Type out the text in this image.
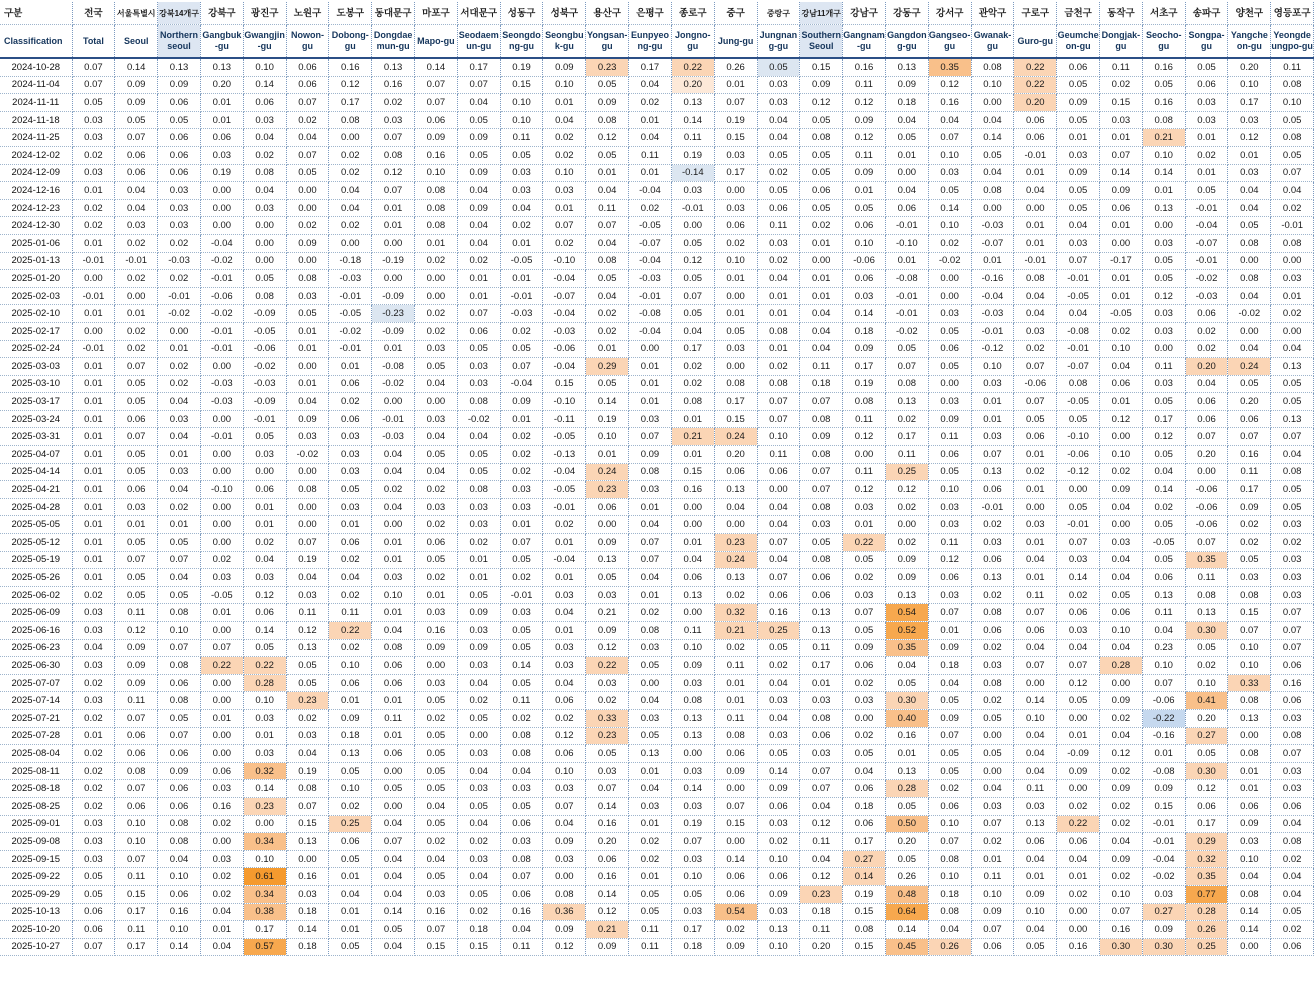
구분	전국	서울특별시	강북14개구	강북구	광진구	노원구	도봉구	동대문구	마포구	서대문구	성동구	성북구	용산구	은평구	종로구	중구	중랑구	강남11개구	강남구	강동구	강서구	관악구	구로구	금천구	동작구	서초구	송파구	양천구	영등포구
Classification	Total	Seoul	Northern seoul	Gangbuk-gu	Gwangjin-gu	Nowon-gu	Dobong-gu	Dongdaemun-gu	Mapo-gu	Seodaemun-gu	Seongdong-gu	Seongbuk-gu	Yongsan-gu	Eunpyeong-gu	Jongno-gu	Jung-gu	Jungnang-gu	Southern Seoul	Gangnam-gu	Gangdong-gu	Gangseo-gu	Gwanak-gu	Guro-gu	Geumcheon-gu	Dongjak-gu	Seocho-gu	Songpa-gu	Yangcheon-gu	Yeongdeungpo-gu
2024-10-28	0.07	0.14	0.13	0.13	0.10	0.06	0.16	0.13	0.14	0.17	0.19	0.09	0.23	0.17	0.22	0.26	0.05	0.15	0.16	0.13	0.35	0.08	0.22	0.06	0.11	0.16	0.05	0.20	0.11
2024-11-04	0.07	0.09	0.09	0.20	0.14	0.06	0.12	0.16	0.07	0.07	0.15	0.10	0.05	0.04	0.20	0.01	0.03	0.09	0.11	0.09	0.12	0.10	0.22	0.05	0.02	0.05	0.06	0.10	0.08
2024-11-11	0.05	0.09	0.06	0.01	0.06	0.07	0.17	0.02	0.07	0.04	0.10	0.01	0.09	0.02	0.13	0.07	0.03	0.12	0.12	0.18	0.16	0.00	0.20	0.09	0.15	0.16	0.03	0.17	0.10
2024-11-18	0.03	0.05	0.05	0.01	0.03	0.02	0.08	0.03	0.06	0.05	0.10	0.04	0.08	0.01	0.14	0.19	0.04	0.05	0.09	0.04	0.04	0.04	0.06	0.05	0.03	0.08	0.03	0.03	0.05
2024-11-25	0.03	0.07	0.06	0.06	0.04	0.04	0.00	0.07	0.09	0.09	0.11	0.02	0.12	0.04	0.11	0.15	0.04	0.08	0.12	0.05	0.07	0.14	0.06	0.01	0.01	0.21	0.01	0.12	0.08
2024-12-02	0.02	0.06	0.06	0.03	0.02	0.07	0.02	0.08	0.16	0.05	0.05	0.02	0.05	0.11	0.19	0.03	0.05	0.05	0.11	0.01	0.10	0.05	-0.01	0.03	0.07	0.10	0.02	0.01	0.05
2024-12-09	0.03	0.06	0.06	0.19	0.08	0.05	0.02	0.12	0.10	0.09	0.03	0.10	0.01	0.01	-0.14	0.17	0.02	0.05	0.09	0.00	0.03	0.04	0.01	0.09	0.14	0.14	0.01	0.03	0.07
2024-12-16	0.01	0.04	0.03	0.00	0.04	0.00	0.04	0.07	0.08	0.04	0.03	0.03	0.04	-0.04	0.03	0.00	0.05	0.06	0.01	0.04	0.05	0.08	0.04	0.05	0.09	0.01	0.05	0.04	0.04
2024-12-23	0.02	0.04	0.03	0.00	0.03	0.00	0.04	0.01	0.08	0.09	0.04	0.01	0.11	0.02	-0.01	0.03	0.06	0.05	0.05	0.06	0.14	0.00	0.00	0.05	0.06	0.13	-0.01	0.04	0.02
2024-12-30	0.02	0.03	0.03	0.00	0.00	0.02	0.02	0.01	0.08	0.04	0.02	0.07	0.07	-0.05	0.00	0.06	0.11	0.02	0.06	-0.01	0.10	-0.03	0.01	0.04	0.01	0.00	-0.04	0.05	-0.01
2025-01-06	0.01	0.02	0.02	-0.04	0.00	0.09	0.00	0.00	0.01	0.04	0.01	0.02	0.04	-0.07	0.05	0.02	0.03	0.01	0.10	-0.10	0.02	-0.07	0.01	0.03	0.00	0.03	-0.07	0.08	0.08
2025-01-13	-0.01	-0.01	-0.03	-0.02	0.00	0.00	-0.18	-0.19	0.02	0.02	-0.05	-0.10	0.08	-0.04	0.12	0.10	0.02	0.00	-0.06	0.01	-0.02	0.01	-0.01	0.07	-0.17	0.05	-0.01	0.00	0.00
2025-01-20	0.00	0.02	0.02	-0.01	0.05	0.08	-0.03	0.00	0.00	0.01	0.01	-0.04	0.05	-0.03	0.05	0.01	0.04	0.01	0.06	-0.08	0.00	-0.16	0.08	-0.01	0.01	0.05	-0.02	0.08	0.03
2025-02-03	-0.01	0.00	-0.01	-0.06	0.08	0.03	-0.01	-0.09	0.00	0.01	-0.01	-0.07	0.04	-0.01	0.07	0.00	0.01	0.01	0.03	-0.01	0.00	-0.04	0.04	-0.05	0.01	0.12	-0.03	0.04	0.01
2025-02-10	0.01	0.01	-0.02	-0.02	-0.09	0.05	-0.05	-0.23	0.02	0.07	-0.03	-0.04	0.02	-0.08	0.05	0.01	0.01	0.04	0.14	-0.01	0.03	-0.03	0.04	0.04	-0.05	0.03	0.06	-0.02	0.02
2025-02-17	0.00	0.02	0.00	-0.01	-0.05	0.01	-0.02	-0.09	0.02	0.06	0.02	-0.03	0.02	-0.04	0.04	0.05	0.08	0.04	0.18	-0.02	0.05	-0.01	0.03	-0.08	0.02	0.03	0.02	0.00	0.00
2025-02-24	-0.01	0.02	0.01	-0.01	-0.06	0.01	-0.01	0.01	0.03	0.05	0.05	-0.06	0.01	0.00	0.17	0.03	0.01	0.04	0.09	0.05	0.06	-0.12	0.02	-0.01	0.10	0.00	0.02	0.04	0.04
2025-03-03	0.01	0.07	0.02	0.00	-0.02	0.00	0.01	-0.08	0.05	0.03	0.07	-0.04	0.29	0.01	0.02	0.00	0.02	0.11	0.17	0.07	0.05	0.10	0.07	-0.07	0.04	0.11	0.20	0.24	0.13
2025-03-10	0.01	0.05	0.02	-0.03	-0.03	0.01	0.06	-0.02	0.04	0.03	-0.04	0.15	0.05	0.01	0.02	0.08	0.08	0.18	0.19	0.08	0.00	0.03	-0.06	0.08	0.06	0.03	0.04	0.05	0.05
2025-03-17	0.01	0.05	0.04	-0.03	-0.09	0.04	0.02	0.00	0.00	0.08	0.09	-0.10	0.14	0.01	0.08	0.17	0.07	0.07	0.08	0.13	0.03	0.01	0.07	-0.05	0.01	0.05	0.06	0.20	0.05
2025-03-24	0.01	0.06	0.03	0.00	-0.01	0.09	0.06	-0.01	0.03	-0.02	0.01	-0.11	0.19	0.03	0.01	0.15	0.07	0.08	0.11	0.02	0.09	0.01	0.05	0.05	0.12	0.17	0.06	0.06	0.13
2025-03-31	0.01	0.07	0.04	-0.01	0.05	0.03	0.03	-0.03	0.04	0.04	0.02	-0.05	0.10	0.07	0.21	0.24	0.10	0.09	0.12	0.17	0.11	0.03	0.06	-0.10	0.00	0.12	0.07	0.07	0.07
2025-04-07	0.01	0.05	0.01	0.00	0.03	-0.02	0.03	0.04	0.05	0.05	0.02	-0.13	0.01	0.09	0.01	0.20	0.11	0.08	0.00	0.11	0.06	0.07	0.01	-0.06	0.10	0.05	0.20	0.16	0.04
2025-04-14	0.01	0.05	0.03	0.00	0.00	0.00	0.03	0.04	0.04	0.05	0.02	-0.04	0.24	0.08	0.15	0.06	0.06	0.07	0.11	0.25	0.05	0.13	0.02	-0.12	0.02	0.04	0.00	0.11	0.08
2025-04-21	0.01	0.06	0.04	-0.10	0.06	0.08	0.05	0.02	0.02	0.08	0.03	-0.05	0.23	0.03	0.16	0.13	0.00	0.07	0.12	0.12	0.10	0.06	0.01	0.00	0.09	0.14	-0.06	0.17	0.05
2025-04-28	0.01	0.03	0.02	0.00	0.01	0.00	0.03	0.04	0.03	0.03	0.03	-0.01	0.06	0.01	0.00	0.04	0.04	0.08	0.03	0.02	0.03	-0.01	0.00	0.05	0.04	0.02	-0.06	0.09	0.05
2025-05-05	0.01	0.01	0.01	0.00	0.01	0.00	0.01	0.00	0.02	0.03	0.01	0.02	0.00	0.04	0.00	0.00	0.04	0.03	0.01	0.00	0.03	0.02	0.03	-0.01	0.00	0.05	-0.06	0.02	0.03
2025-05-12	0.01	0.05	0.05	0.00	0.02	0.07	0.06	0.01	0.06	0.02	0.07	0.01	0.09	0.07	0.01	0.23	0.07	0.05	0.22	0.02	0.11	0.03	0.01	0.07	0.03	-0.05	0.07	0.02	0.02
2025-05-19	0.01	0.07	0.07	0.02	0.04	0.19	0.02	0.01	0.05	0.01	0.05	-0.04	0.13	0.07	0.04	0.24	0.04	0.08	0.05	0.09	0.12	0.06	0.04	0.03	0.04	0.05	0.35	0.05	0.03
2025-05-26	0.01	0.05	0.04	0.03	0.03	0.04	0.04	0.03	0.02	0.01	0.02	0.01	0.05	0.04	0.06	0.13	0.07	0.06	0.02	0.09	0.06	0.13	0.01	0.14	0.04	0.06	0.11	0.03	0.03
2025-06-02	0.02	0.05	0.05	-0.05	0.12	0.03	0.02	0.10	0.01	0.05	-0.01	0.03	0.03	0.01	0.13	0.02	0.06	0.06	0.03	0.13	0.03	0.02	0.11	0.02	0.05	0.13	0.08	0.08	0.03
2025-06-09	0.03	0.11	0.08	0.01	0.06	0.11	0.11	0.01	0.03	0.09	0.03	0.04	0.21	0.02	0.00	0.32	0.16	0.13	0.07	0.54	0.07	0.08	0.07	0.06	0.06	0.11	0.13	0.15	0.07
2025-06-16	0.03	0.12	0.10	0.00	0.14	0.12	0.22	0.04	0.16	0.03	0.05	0.01	0.09	0.08	0.11	0.21	0.25	0.13	0.05	0.52	0.01	0.06	0.06	0.03	0.10	0.04	0.30	0.07	0.07
2025-06-23	0.04	0.09	0.07	0.07	0.05	0.13	0.02	0.08	0.09	0.09	0.05	0.03	0.12	0.03	0.10	0.02	0.05	0.11	0.09	0.35	0.09	0.02	0.04	0.04	0.04	0.23	0.05	0.10	0.07
2025-06-30	0.03	0.09	0.08	0.22	0.22	0.05	0.10	0.06	0.00	0.03	0.14	0.03	0.22	0.05	0.09	0.11	0.02	0.17	0.06	0.04	0.18	0.03	0.07	0.07	0.28	0.10	0.02	0.10	0.06
2025-07-07	0.02	0.09	0.06	0.00	0.28	0.05	0.06	0.06	0.03	0.04	0.05	0.04	0.03	0.00	0.03	0.01	0.04	0.01	0.02	0.05	0.04	0.08	0.00	0.12	0.00	0.07	0.10	0.33	0.16
2025-07-14	0.03	0.11	0.08	0.00	0.10	0.23	0.01	0.01	0.05	0.02	0.11	0.06	0.02	0.04	0.08	0.01	0.03	0.03	0.03	0.30	0.05	0.02	0.14	0.05	0.09	-0.06	0.41	0.08	0.06
2025-07-21	0.02	0.07	0.05	0.01	0.03	0.02	0.09	0.11	0.02	0.05	0.02	0.02	0.33	0.03	0.13	0.11	0.04	0.08	0.00	0.40	0.09	0.05	0.10	0.00	0.02	-0.22	0.20	0.13	0.03
2025-07-28	0.01	0.06	0.07	0.00	0.01	0.03	0.18	0.01	0.05	0.00	0.08	0.12	0.23	0.05	0.13	0.08	0.03	0.06	0.02	0.16	0.07	0.00	0.04	0.01	0.04	-0.16	0.27	0.00	0.08
2025-08-04	0.02	0.06	0.06	0.00	0.03	0.04	0.13	0.06	0.05	0.03	0.08	0.06	0.05	0.13	0.00	0.06	0.05	0.03	0.05	0.01	0.05	0.05	0.04	-0.09	0.12	0.01	0.05	0.08	0.07
2025-08-11	0.02	0.08	0.09	0.06	0.32	0.19	0.05	0.00	0.05	0.04	0.04	0.10	0.03	0.01	0.03	0.09	0.14	0.07	0.04	0.13	0.05	0.00	0.04	0.09	0.02	-0.08	0.30	0.01	0.03
2025-08-18	0.02	0.07	0.06	0.03	0.14	0.08	0.10	0.05	0.05	0.03	0.03	0.03	0.07	0.04	0.14	0.00	0.09	0.07	0.06	0.28	0.02	0.04	0.11	0.00	0.09	0.09	0.12	0.01	0.03
2025-08-25	0.02	0.06	0.06	0.16	0.23	0.07	0.02	0.00	0.04	0.05	0.05	0.07	0.14	0.03	0.03	0.07	0.06	0.04	0.18	0.05	0.06	0.03	0.03	0.02	0.02	0.15	0.06	0.06	0.06
2025-09-01	0.03	0.10	0.08	0.02	0.00	0.15	0.25	0.04	0.05	0.04	0.06	0.04	0.16	0.01	0.19	0.15	0.03	0.12	0.06	0.50	0.10	0.07	0.13	0.22	0.02	-0.01	0.17	0.09	0.04
2025-09-08	0.03	0.10	0.08	0.00	0.34	0.13	0.06	0.07	0.02	0.02	0.03	0.09	0.20	0.02	0.07	0.00	0.02	0.11	0.17	0.20	0.07	0.02	0.06	0.06	0.04	-0.01	0.29	0.03	0.08
2025-09-15	0.03	0.07	0.04	0.03	0.10	0.00	0.05	0.04	0.04	0.03	0.08	0.03	0.06	0.02	0.03	0.14	0.10	0.04	0.27	0.05	0.08	0.01	0.04	0.04	0.09	-0.04	0.32	0.10	0.02
2025-09-22	0.05	0.11	0.10	0.02	0.61	0.16	0.01	0.04	0.05	0.04	0.07	0.00	0.16	0.01	0.10	0.06	0.06	0.12	0.14	0.26	0.10	0.11	0.01	0.01	0.02	-0.02	0.35	0.04	0.04
2025-09-29	0.05	0.15	0.06	0.02	0.34	0.03	0.04	0.04	0.03	0.05	0.06	0.08	0.14	0.05	0.05	0.06	0.09	0.23	0.19	0.48	0.18	0.10	0.09	0.02	0.10	0.03	0.77	0.08	0.04
2025-10-13	0.06	0.17	0.16	0.04	0.38	0.18	0.01	0.14	0.16	0.02	0.16	0.36	0.12	0.05	0.03	0.54	0.03	0.18	0.15	0.64	0.08	0.09	0.10	0.00	0.07	0.27	0.28	0.14	0.05
2025-10-20	0.06	0.11	0.10	0.01	0.17	0.14	0.01	0.05	0.07	0.18	0.04	0.09	0.21	0.11	0.17	0.02	0.13	0.11	0.08	0.14	0.04	0.07	0.04	0.00	0.16	0.09	0.26	0.14	0.02
2025-10-27	0.07	0.17	0.14	0.04	0.57	0.18	0.05	0.04	0.15	0.15	0.11	0.12	0.09	0.11	0.18	0.09	0.10	0.20	0.15	0.45	0.26	0.06	0.05	0.16	0.30	0.30	0.25	0.00	0.06
